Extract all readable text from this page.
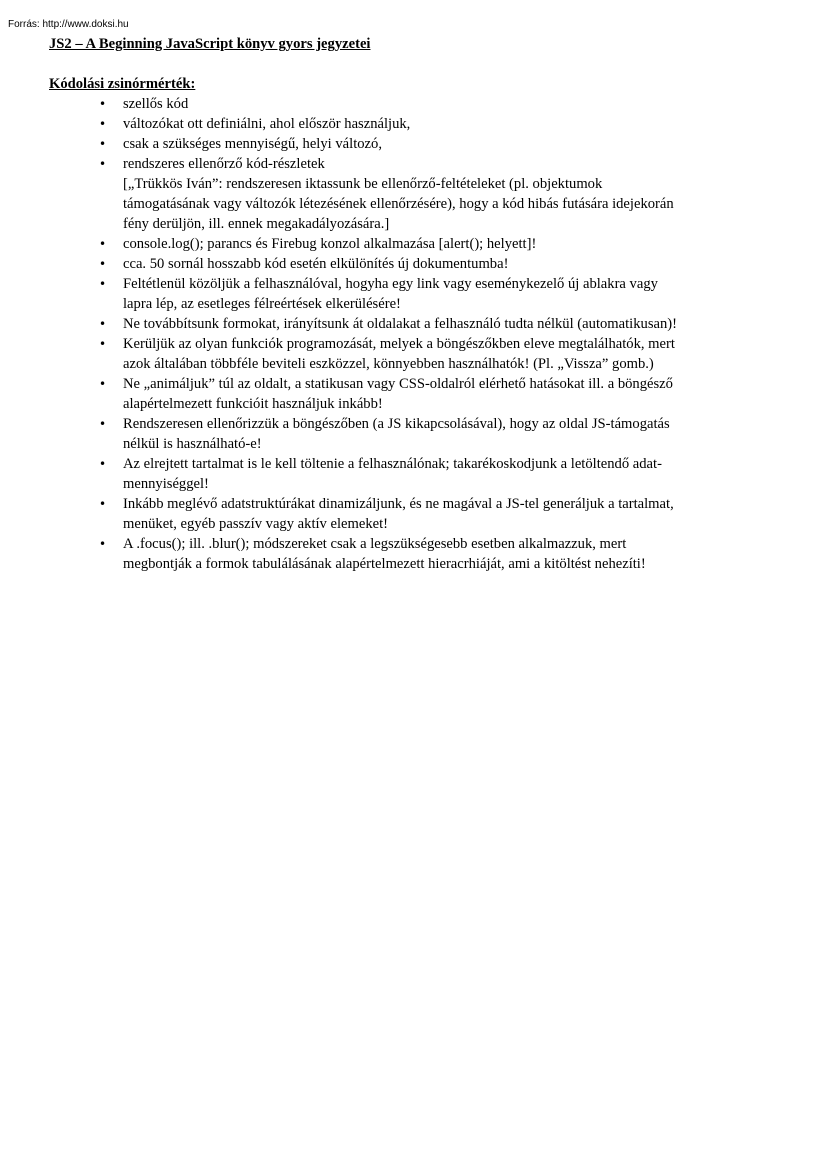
Forrás: http://www.doksi.hu
JS2 – A Beginning JavaScript könyv gyors jegyzetei
Kódolási zsinórmérték:
• szellős kód
• változókat ott definiálni, ahol először használjuk,
• csak a szükséges mennyiségű, helyi változó,
• rendszeres ellenőrző kód-részletek
[„Trükkös Iván”: rendszeresen iktassunk be ellenőrző-feltételeket (pl. objektumok
támogatásának vagy változók létezésének ellenőrzésére), hogy a kód hibás futására idejekorán
fény derüljön, ill. ennek megakadályozására.]
• console.log(); parancs és Firebug konzol alkalmazása [alert(); helyett]!
• cca. 50 sornál hosszabb kód esetén elkülönítés új dokumentumba!
• Feltétlenül közöljük a felhasználóval, hogyha egy link vagy eseménykezelő új ablakra vagy
lapra lép, az esetleges félreértések elkerülésére!
• Ne továbbítsunk formokat, irányítsunk át oldalakat a felhasználó tudta nélkül (automatikusan)!
• Kerüljük az olyan funkciók programozását, melyek a böngészőkben eleve megtalálhatók, mert
azok általában többféle beviteli eszközzel, könnyebben használhatók! (Pl. „Vissza” gomb.)
• Ne „animáljuk” túl az oldalt, a statikusan vagy CSS-oldalról elérhető hatásokat ill. a böngésző
alapértelmezett funkcióit használjuk inkább!
• Rendszeresen ellenőrizzük a böngészőben (a JS kikapcsolásával), hogy az oldal JS-támogatás
nélkül is használható-e!
• Az elrejtett tartalmat is le kell töltenie a felhasználónak; takarékoskodjunk a letöltendő adat-
mennyiséggel!
• Inkább meglévő adatstruktúrákat dinamizáljunk, és ne magával a JS-tel generáljuk a tartalmat,
menüket, egyéb passzív vagy aktív elemeket!
• A .focus(); ill. .blur(); módszereket csak a legszükségesebb esetben alkalmazzuk, mert
megbontják a formok tabulálásának alapértelmezett hieracrhiáját, ami a kitöltést nehezíti!
